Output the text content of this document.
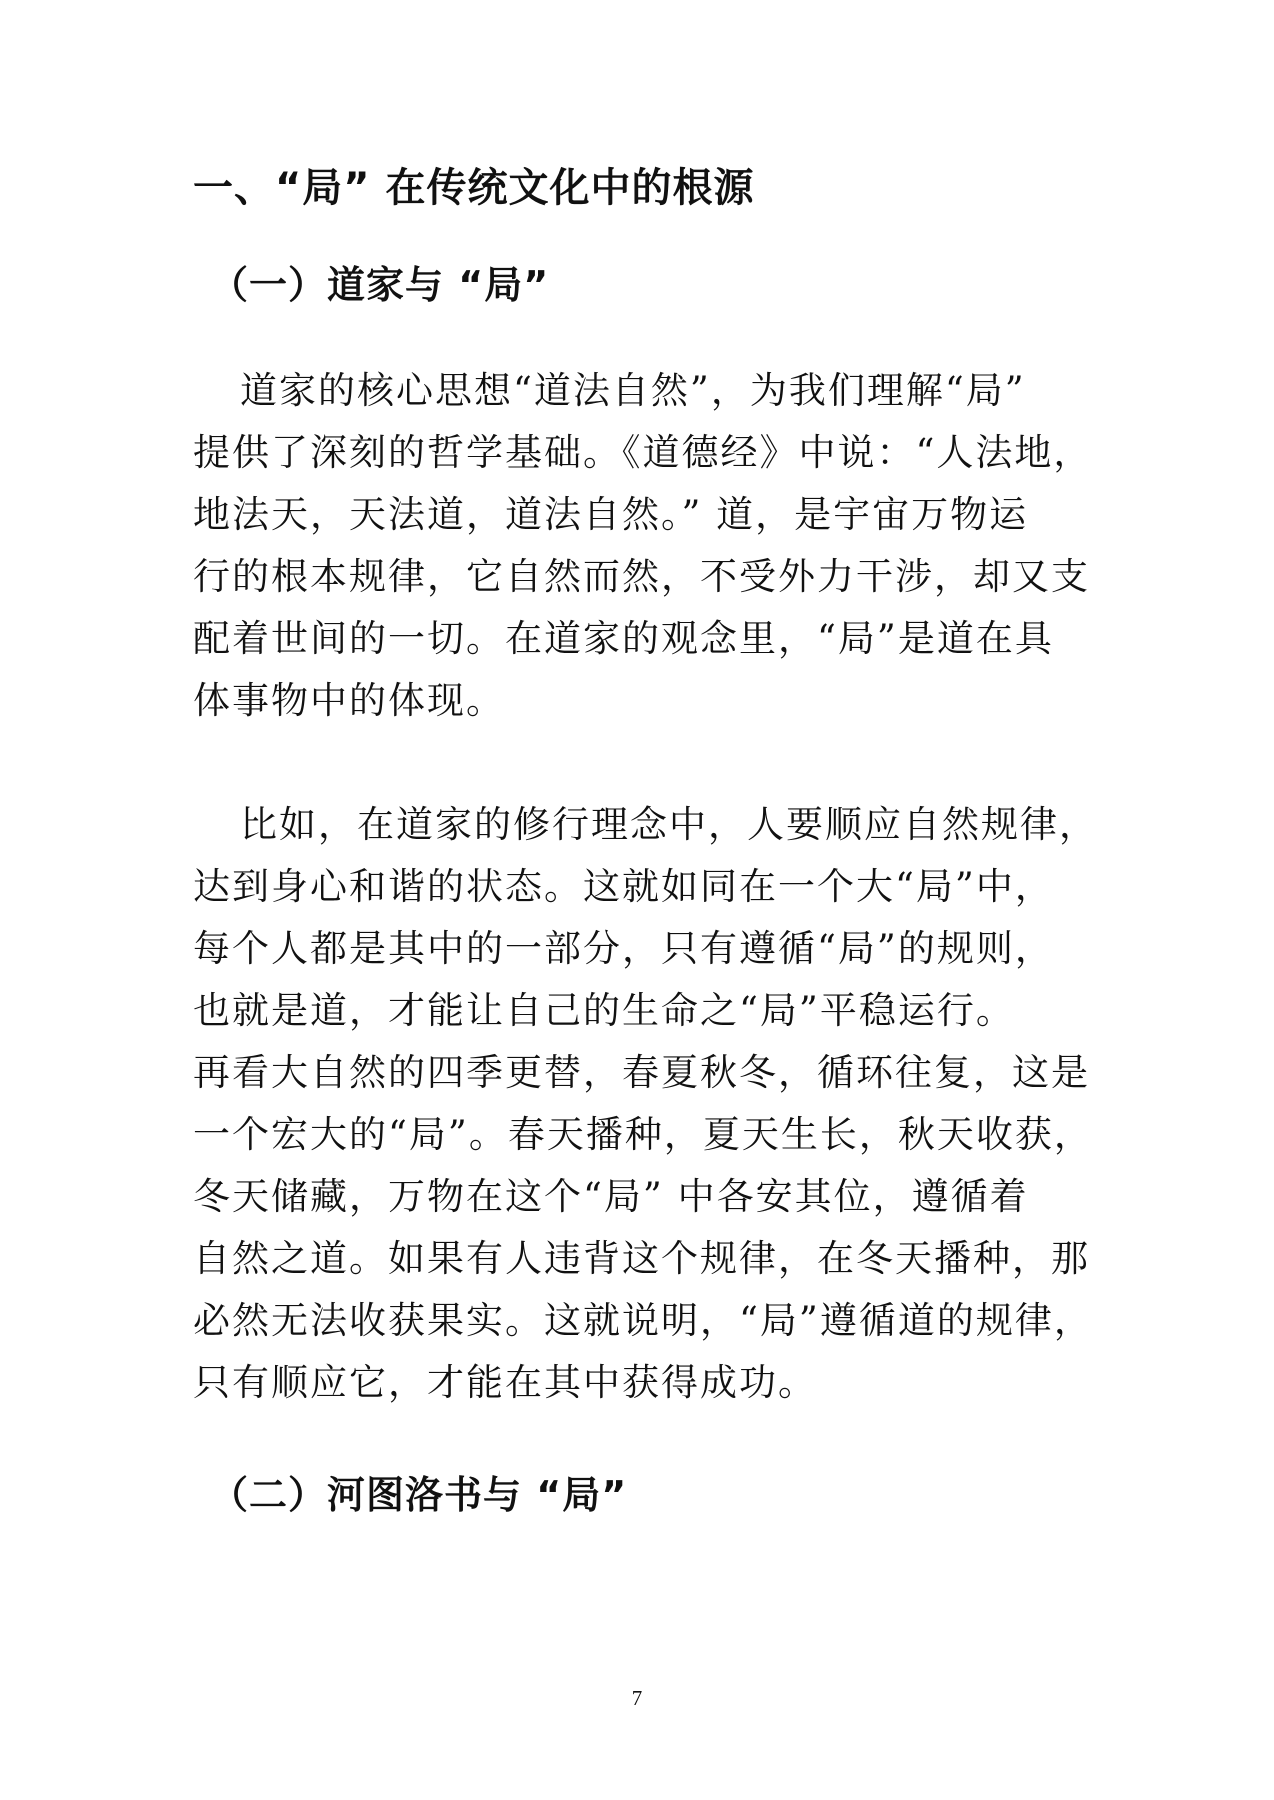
一、“局” 在传统文化中的根源
（一）道家与 “局”
道家的核心思想“道法自然”，为我们理解“局”
提供了深刻的哲学基础。《道德经》中说：“人法地，
地法天，天法道，道法自然。” 道，是宇宙万物运
行的根本规律，它自然而然，不受外力干涉，却又支
配着世间的一切。在道家的观念里，“局”是道在具
体事物中的体现。
比如，在道家的修行理念中，人要顺应自然规律，
达到身心和谐的状态。这就如同在一个大“局”中，
每个人都是其中的一部分，只有遵循“局”的规则，
也就是道，才能让自己的生命之“局”平稳运行。
再看大自然的四季更替，春夏秋冬，循环往复，这是
一个宏大的“局”。春天播种，夏天生长，秋天收获，
冬天储藏，万物在这个“局” 中各安其位，遵循着
自然之道。如果有人违背这个规律，在冬天播种，那
必然无法收获果实。这就说明，“局”遵循道的规律，
只有顺应它，才能在其中获得成功。
（二）河图洛书与 “局”
7
